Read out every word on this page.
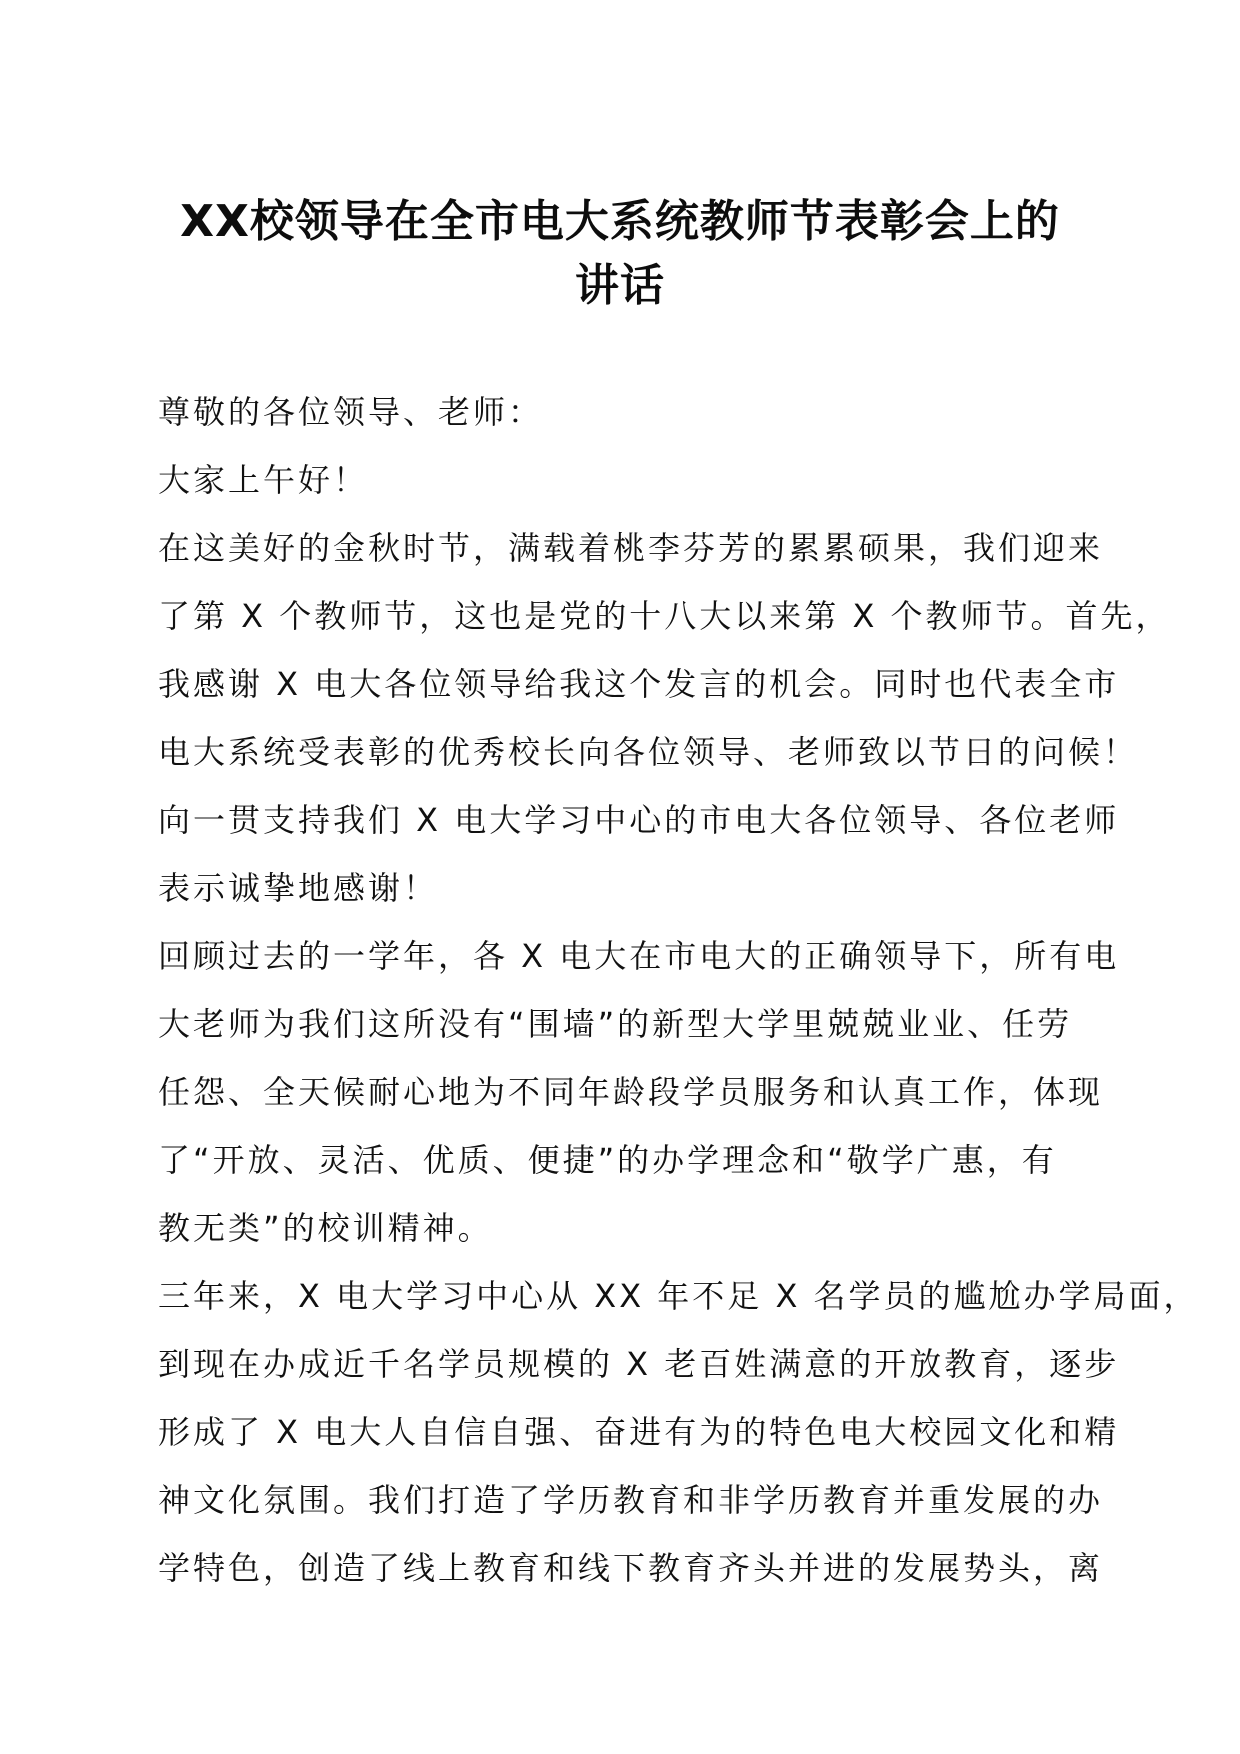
XX校领导在全市电大系统教师节表彰会上的
讲话

尊敬的各位领导、老师：

大家上午好！

在这美好的金秋时节，满载着桃李芬芳的累累硕果，我们迎来

了第 X 个教师节，这也是党的十八大以来第 X 个教师节。首先，

我感谢 X 电大各位领导给我这个发言的机会。同时也代表全市

电大系统受表彰的优秀校长向各位领导、老师致以节日的问候！

向一贯支持我们 X 电大学习中心的市电大各位领导、各位老师

表示诚挚地感谢！

回顾过去的一学年，各 X 电大在市电大的正确领导下，所有电

大老师为我们这所没有“围墙”的新型大学里兢兢业业、任劳

任怨、全天候耐心地为不同年龄段学员服务和认真工作，体现

了“开放、灵活、优质、便捷”的办学理念和“敬学广惠，有

教无类”的校训精神。

三年来，X 电大学习中心从 XX 年不足 X 名学员的尴尬办学局面，

到现在办成近千名学员规模的 X 老百姓满意的开放教育，逐步

形成了 X 电大人自信自强、奋进有为的特色电大校园文化和精

神文化氛围。我们打造了学历教育和非学历教育并重发展的办

学特色，创造了线上教育和线下教育齐头并进的发展势头，离
